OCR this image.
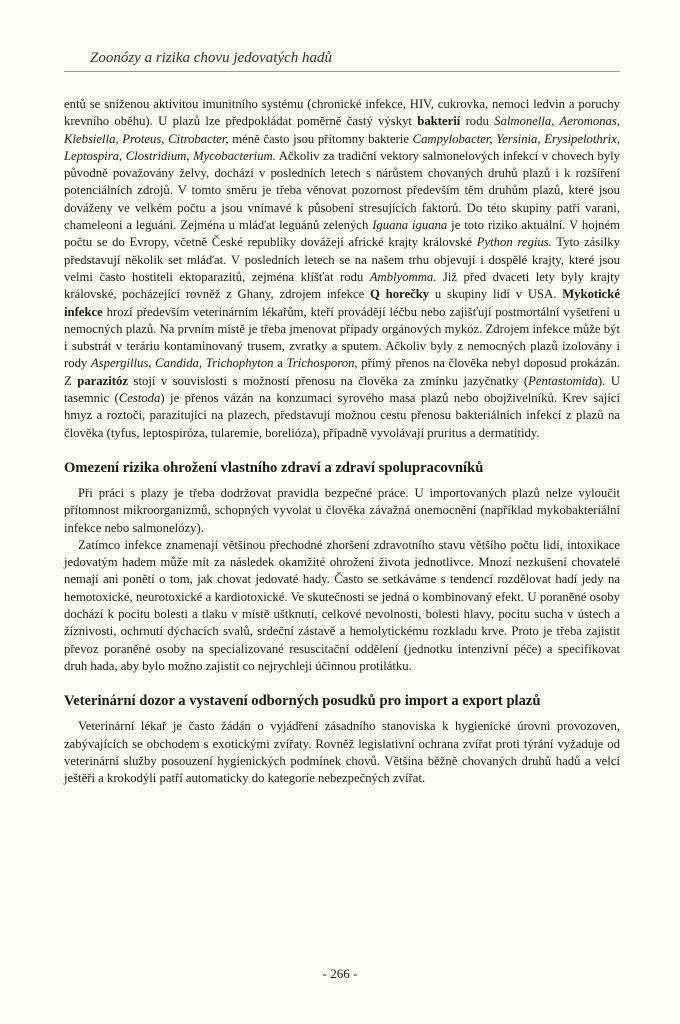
Zoonózy a rizika chovu jedovatých hadů

entů se sníženou aktivitou imunitního systému (chronické infekce, HIV, cukrovka, nemoci ledvin a poruchy krevního oběhu). U plazů lze předpokládat poměrně častý výskyt bakterií rodu Salmonella, Aeromonas, Klebsiella, Proteus, Citrobacter, méně často jsou přítomny bakterie Campylobacter, Yersinia, Erysipelothrix, Leptospira, Clostridium, Mycobacterium. Ačkoliv za tradiční vektory salmonelových infekcí v chovech byly původně považovány želvy, dochází v posledních letech s nárůstem chovaných druhů plazů i k rozšíření potenciálních zdrojů. V tomto směru je třeba věnovat pozornost především těm druhům plazů, které jsou dováženy ve velkém počtu a jsou vnímavé k působení stresujících faktorů. Do této skupiny patří varani, chameleoni a leguáni. Zejména u mláďat leguánů zelených Iguana iguana je toto riziko aktuální. V hojném počtu se do Evropy, včetně České republiky dovážejí africké krajty královské Python regius. Tyto zásilky představují několik set mláďat. V posledních letech se na našem trhu objevují i dospělé krajty, které jsou velmi často hostiteli ektoparazitů, zejména klíšťat rodu Amblyomma. Již před dvaceti lety byly krajty královské, pocházející rovněž z Ghany, zdrojem infekce Q horečky u skupiny lidí v USA. Mykotické infekce hrozí především veterinárním lékařům, kteří provádějí léčbu nebo zajišťují postmortální vyšetření u nemocných plazů. Na prvním místě je třeba jmenovat případy orgánových mykóz. Zdrojem infekce může být i substrát v teráriu kontaminovaný trusem, zvratky a sputem. Ačkoliv byly z nemocných plazů izolovány i rody Aspergillus, Candida, Trichophyton a Trichosporon, přímý přenos na člověka nebyl doposud prokázán. Z parazitóz stojí v souvislosti s možností přenosu na člověka za zmínku jazyčnatky (Pentastomida). U tasemnic (Cestoda) je přenos vázán na konzumaci syrového masa plazů nebo obojživelníků. Krev sající hmyz a roztoči, parazitující na plazech, představují možnou cestu přenosu bakteriálních infekcí z plazů na člověka (tyfus, leptospiróza, tularemie, borelióza), případně vyvolávají pruritus a dermatitidy.

Omezení rizika ohrožení vlastního zdraví a zdraví spolupracovníků

Při práci s plazy je třeba dodržovat pravidla bezpečné práce. U importovaných plazů nelze vyloučit přítomnost mikroorganizmů, schopných vyvolat u člověka závažná onemocnění (například mykobakteriální infekce nebo salmonelózy).

Zatímco infekce znamenají většinou přechodné zhoršení zdravotního stavu většího počtu lidí, intoxikace jedovatým hadem může mít za následek okamžité ohrožení života jednotlivce. Mnozí nezkušení chovatelé nemají ani ponětí o tom, jak chovat jedovaté hady. Často se setkáváme s tendencí rozdělovat hadí jedy na hemotoxické, neurotoxické a kardiotoxické. Ve skutečnosti se jedná o kombinovaný efekt. U poraněné osoby dochází k pocitu bolesti a tlaku v místě uštknutí, celkové nevolnosti, bolesti hlavy, pocitu sucha v ústech a žíznivosti, ochrnutí dýchacích svalů, srdeční zástavě a hemolytickému rozkladu krve. Proto je třeba zajistit převoz poraněné osoby na specializované resuscitační oddělení (jednotku intenzivní péče) a specifikovat druh hada, aby bylo možno zajistit co nejrychleji účinnou protilátku.

Veterinární dozor a vystavení odborných posudků pro import a export plazů

Veterinární lékař je často žádán o vyjádření zásadního stanoviska k hygienické úrovni provozoven, zabývajících se obchodem s exotickými zvířaty. Rovněž legislativní ochrana zvířat proti týrání vyžaduje od veterinární služby posouzení hygienických podmínek chovů. Většina běžně chovaných druhů hadů a velcí ještěři a krokodýli patří automaticky do kategorie nebezpečných zvířat.

- 266 -
